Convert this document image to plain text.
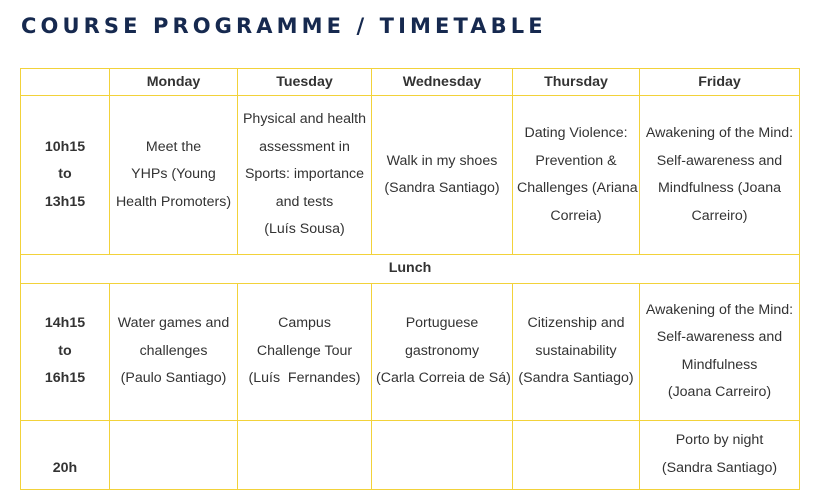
COURSE PROGRAMME / TIMETABLE
	Monday	Tuesday	Wednesday	Thursday	Friday

10h15
to
13h15	Meet the
YHPs (Young
Health Promoters)	Physical and health
assessment in
Sports: importance
and tests
(Luís Sousa)	Walk in my shoes
(Sandra Santiago)	Dating Violence:
Prevention &
Challenges (Ariana
Correia)	Awakening of the Mind:
Self-awareness and
Mindfulness (Joana
Carreiro)

Lunch					

14h15
to
16h15	Water games and
challenges
(Paulo Santiago)	Campus
Challenge Tour
(Luís  Fernandes)	Portuguese
gastronomy
(Carla Correia de Sá)	Citizenship and
sustainability
(Sandra Santiago)	Awakening of the Mind:
Self-awareness and
Mindfulness
(Joana Carreiro)

20h					Porto by night
(Sandra Santiago)
